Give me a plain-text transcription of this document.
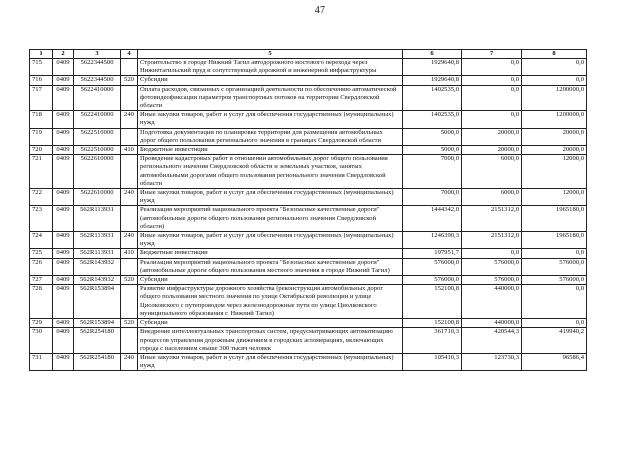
47
1	2	3	4	5	6	7	8
715	0409	5622344500		Строительство в городе Нижний Тагил автодорожного мостового перехода через Нижнетагильский пруд и сопутствующей дорожной и инженерной инфраструктуры	1929640,8	0,0	0,0
716	0409	5622344500	520	Субсидии	1929640,8	0,0	0,0
717	0409	5622410000		Оплата расходов, связанных с организацией деятельности по обеспечению автоматической фотовидеофиксации параметров транспортных потоков на территории Свердловской области	1402535,0	0,0	1200000,0
718	0409	5622410000	240	Иные закупки товаров, работ и услуг для обеспечения государственных (муниципальных) нужд	1402535,0	0,0	1200000,0
719	0409	5622510000		Подготовка документации по планировке территории для размещения автомобильных дорог общего пользования регионального значения в границах Свердловской области	5000,0	20000,0	20000,0
720	0409	5622510000	410	Бюджетные инвестиции	5000,0	20000,0	20000,0
721	0409	5622610000		Проведение кадастровых работ в отношении автомобильных дорог общего пользования регионального значения Свердловской области и земельных участков, занятых автомобильными дорогами общего пользования регионального значения Свердловской области	7000,0	6000,0	12000,0
722	0409	5622610000	240	Иные закупки товаров, работ и услуг для обеспечения государственных (муниципальных) нужд	7000,0	6000,0	12000,0
723	0409	562R113931		Реализация мероприятий национального проекта "Безопасные качественные дороги" (автомобильные дороги общего пользования регионального значения Свердловской области)	1444342,0	2151312,0	1965180,0
724	0409	562R113931	240	Иные закупки товаров, работ и услуг для обеспечения государственных (муниципальных) нужд	1246390,3	2151312,0	1965180,0
725	0409	562R113931	410	Бюджетные инвестиции	197951,7	0,0	0,0
726	0409	562R143932		Реализация мероприятий национального проекта "Безопасные качественные дороги" (автомобильные дороги общего пользования местного значения в городе Нижний Тагил)	576000,0	576000,0	576000,0
727	0409	562R143932	520	Субсидии	576000,0	576000,0	576000,0
728	0409	562R153894		Развитие инфраструктуры дорожного хозяйства (реконструкция автомобильных дорог общего пользования местного значения по улице Октябрьской революции и улице Циолковского с путепроводом через железнодорожные пути по улице Циолковского муниципального образования г. Нижний Тагил)	152100,8	440000,0	0,0
729	0409	562R153894	520	Субсидии	152100,8	440000,0	0,0
730	0409	562R254180		Внедрение интеллектуальных транспортных систем, предусматривающих автоматизацию процессов управления дорожным движением в городских агломерациях, включающих города с населением свыше 300 тысяч человек	361710,3	420544,3	419940,2
731	0409	562R254180	240	Иные закупки товаров, работ и услуг для обеспечения государственных (муниципальных) нужд	105410,3	123730,3	96586,4
